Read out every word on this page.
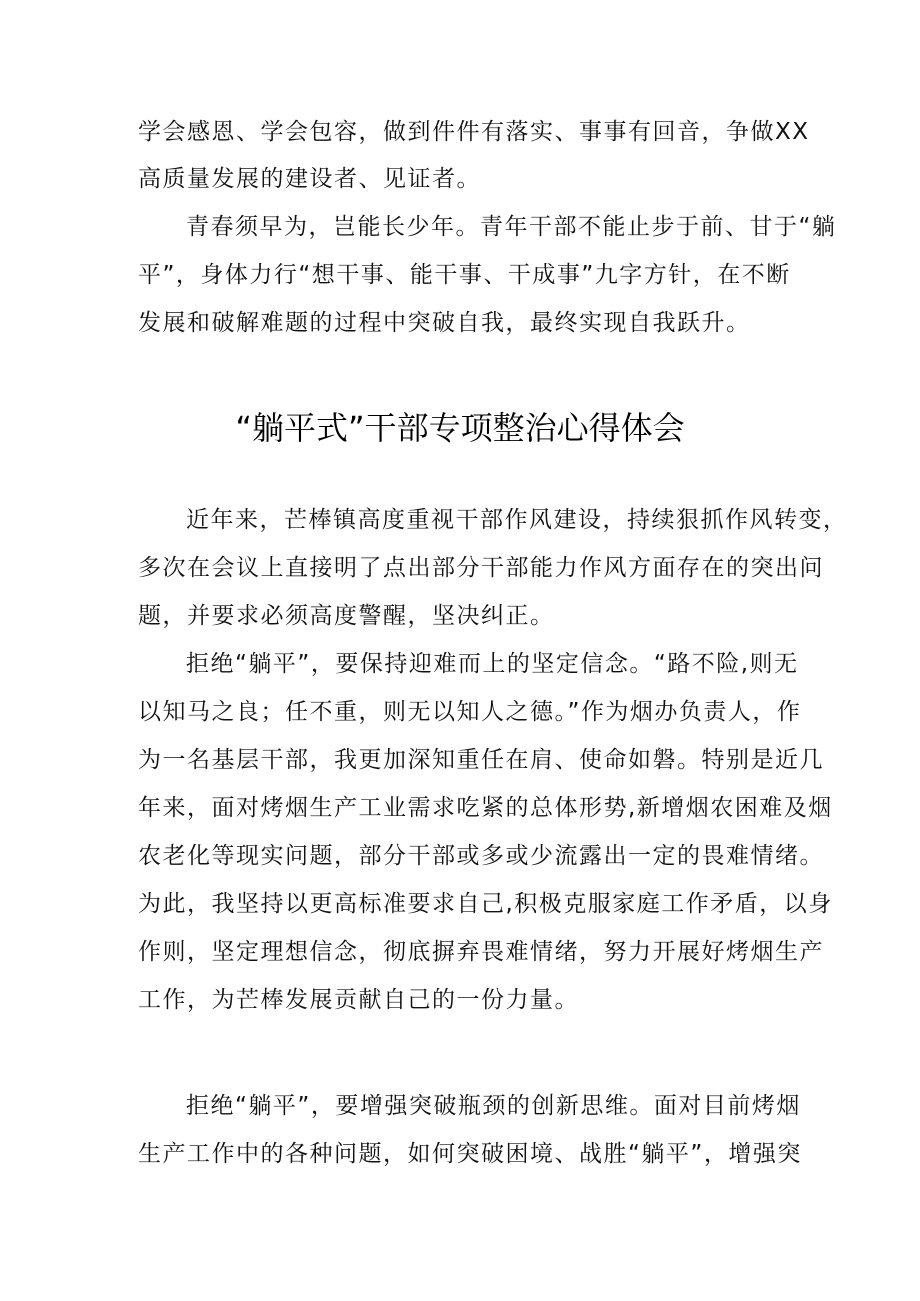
学会感恩、学会包容，做到件件有落实、事事有回音，争做XX
高质量发展的建设者、见证者。
青春须早为，岂能长少年。青年干部不能止步于前、甘于“躺
平”，身体力行“想干事、能干事、干成事”九字方针，在不断
发展和破解难题的过程中突破自我，最终实现自我跃升。
“躺平式”干部专项整治心得体会
近年来，芒棒镇高度重视干部作风建设，持续狠抓作风转变，
多次在会议上直接明了点出部分干部能力作风方面存在的突出问
题，并要求必须高度警醒，坚决纠正。
拒绝“躺平”，要保持迎难而上的坚定信念。“路不险,则无
以知马之良；任不重，则无以知人之德。”作为烟办负责人，作
为一名基层干部，我更加深知重任在肩、使命如磐。特别是近几
年来，面对烤烟生产工业需求吃紧的总体形势,新增烟农困难及烟
农老化等现实问题，部分干部或多或少流露出一定的畏难情绪。
为此，我坚持以更高标准要求自己,积极克服家庭工作矛盾，以身
作则，坚定理想信念，彻底摒弃畏难情绪，努力开展好烤烟生产
工作，为芒棒发展贡献自己的一份力量。
拒绝“躺平”，要增强突破瓶颈的创新思维。面对目前烤烟
生产工作中的各种问题，如何突破困境、战胜“躺平”，增强突
